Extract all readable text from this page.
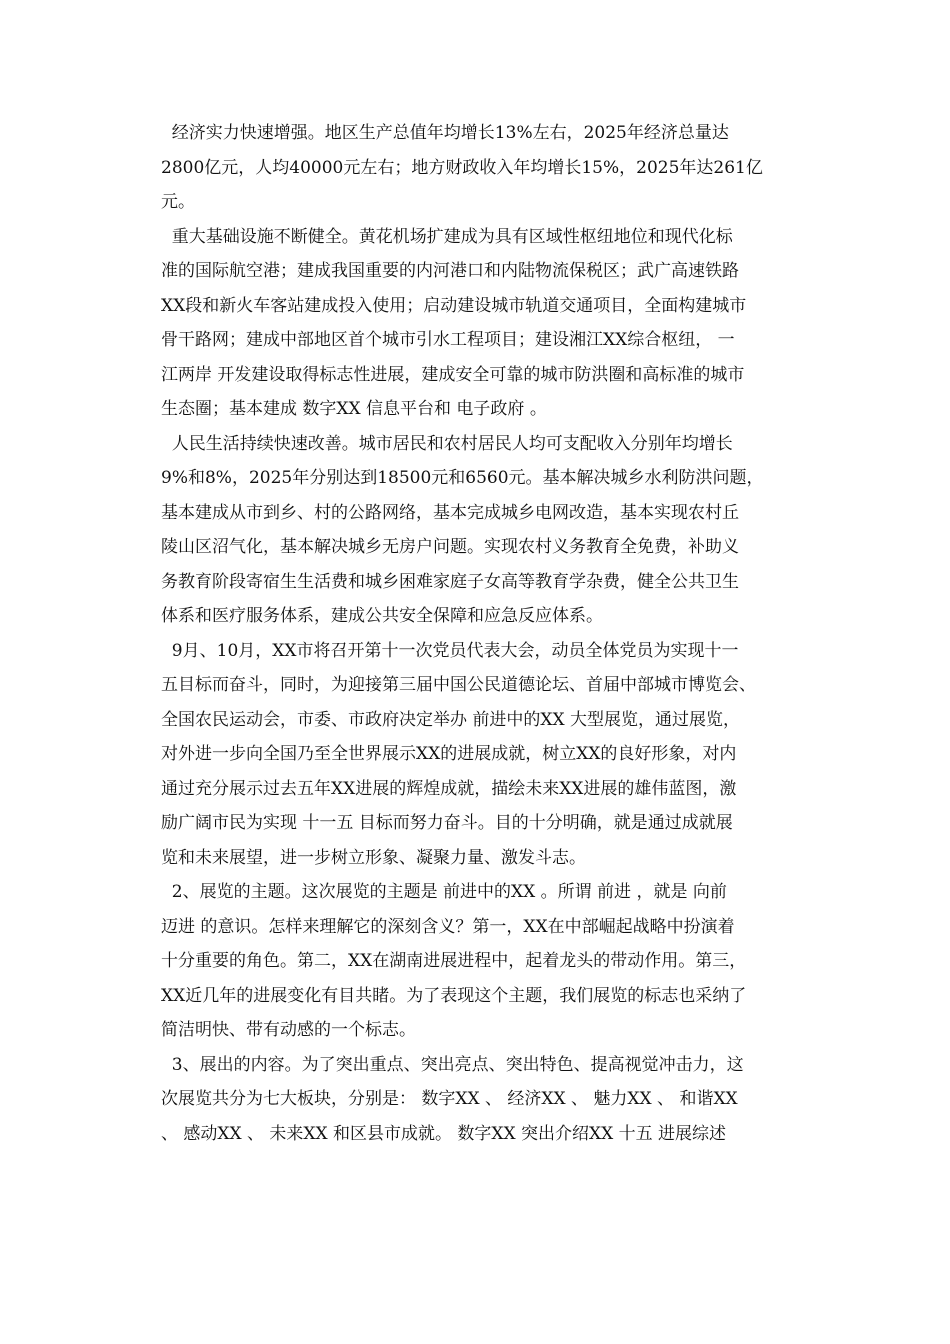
经济实力快速增强。地区生产总值年均增长13%左右，2025年经济总量达
2800亿元，人均40000元左右；地方财政收入年均增长15%，2025年达261亿
元。
重大基础设施不断健全。黄花机场扩建成为具有区域性枢纽地位和现代化标
准的国际航空港；建成我国重要的内河港口和内陆物流保税区；武广高速铁路
XX段和新火车客站建成投入使用；启动建设城市轨道交通项目，全面构建城市
骨干路网；建成中部地区首个城市引水工程项目；建设湘江XX综合枢纽， 一
江两岸 开发建设取得标志性进展，建成安全可靠的城市防洪圈和高标准的城市
生态圈；基本建成 数字XX 信息平台和 电子政府 。
人民生活持续快速改善。城市居民和农村居民人均可支配收入分别年均增长
9%和8%，2025年分别达到18500元和6560元。基本解决城乡水利防洪问题，
基本建成从市到乡、村的公路网络，基本完成城乡电网改造，基本实现农村丘
陵山区沼气化，基本解决城乡无房户问题。实现农村义务教育全免费，补助义
务教育阶段寄宿生生活费和城乡困难家庭子女高等教育学杂费，健全公共卫生
体系和医疗服务体系，建成公共安全保障和应急反应体系。
9月、10月，XX市将召开第十一次党员代表大会，动员全体党员为实现十一
五目标而奋斗，同时，为迎接第三届中国公民道德论坛、首届中部城市博览会、
全国农民运动会，市委、市政府决定举办 前进中的XX 大型展览，通过展览，
对外进一步向全国乃至全世界展示XX的进展成就，树立XX的良好形象，对内
通过充分展示过去五年XX进展的辉煌成就，描绘未来XX进展的雄伟蓝图，激
励广阔市民为实现 十一五 目标而努力奋斗。目的十分明确，就是通过成就展
览和未来展望，进一步树立形象、凝聚力量、激发斗志。
2、展览的主题。这次展览的主题是 前进中的XX 。所谓 前进 ，就是 向前
迈进 的意识。怎样来理解它的深刻含义？第一，XX在中部崛起战略中扮演着
十分重要的角色。第二，XX在湖南进展进程中，起着龙头的带动作用。第三，
XX近几年的进展变化有目共睹。为了表现这个主题，我们展览的标志也采纳了
简洁明快、带有动感的一个标志。
3、展出的内容。为了突出重点、突出亮点、突出特色、提高视觉冲击力，这
次展览共分为七大板块，分别是： 数字XX 、 经济XX 、 魅力XX 、 和谐XX
、 感动XX 、 未来XX 和区县市成就。 数字XX 突出介绍XX 十五 进展综述
